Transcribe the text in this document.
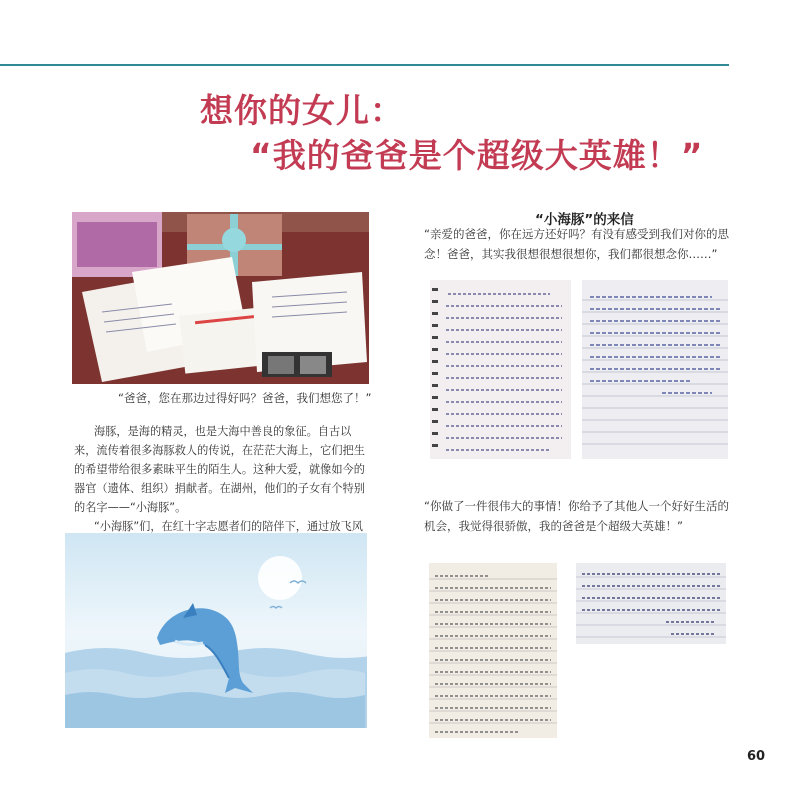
想你的女儿：
“我的爸爸是个超级大英雄！”
“爸爸，您在那边过得好吗？爸爸，我们想您了！”

海豚，是海的精灵，也是大海中善良的象征。自古以来，流传着很多海豚救人的传说，在茫茫大海上，它们把生的希望带给很多素昧平生的陌生人。这种大爱，就像如今的器官（遗体、组织）捐献者。在湖州，他们的子女有个特别的名字——“小海豚”。

“小海豚”们，在红十字志愿者们的陪伴下，通过放飞风

“小海豚”的来信
“亲爱的爸爸，你在远方还好吗？有没有感受到我们对你的思念！爸爸，其实我很想很想很想你，我们都很想念你……”
“你做了一件很伟大的事情！你给予了其他人一个好好生活的机会，我觉得很骄傲，我的爸爸是个超级大英雄！”
60
